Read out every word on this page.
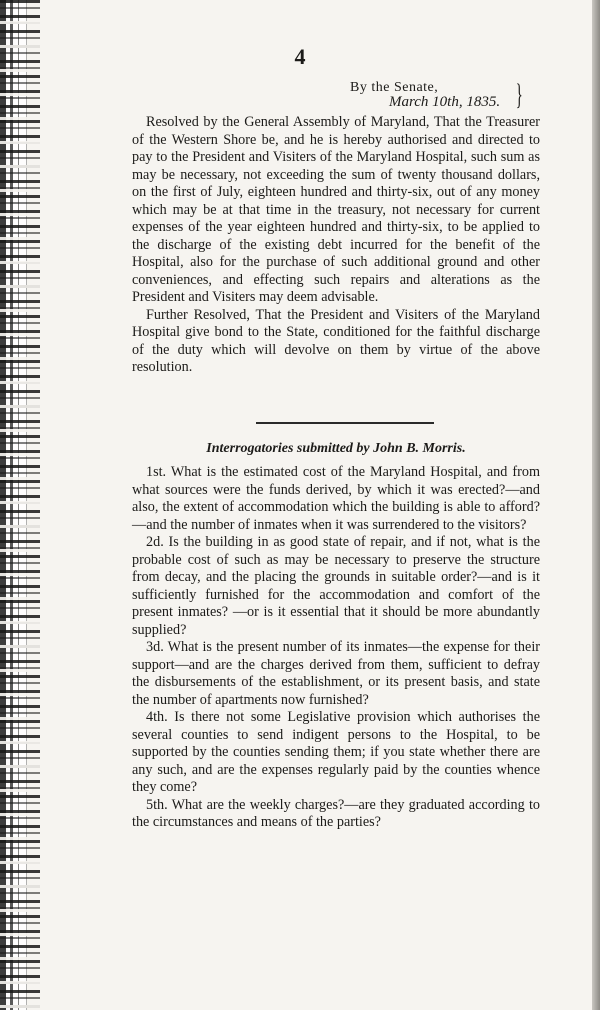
4
By the Senate,
March 10th, 1835. }

Resolved by the General Assembly of Maryland, That the Treasurer of the Western Shore be, and he is hereby authorised and directed to pay to the President and Visiters of the Maryland Hospital, such sum as may be necessary, not exceeding the sum of twenty thousand dollars, on the first of July, eighteen hundred and thirty-six, out of any money which may be at that time in the treasury, not necessary for current expenses of the year eighteen hundred and thirty-six, to be applied to the discharge of the existing debt incurred for the benefit of the Hospital, also for the purchase of such additional ground and other conveniences, and effecting such repairs and alterations as the President and Visiters may deem advisable.

Further Resolved, That the President and Visiters of the Maryland Hospital give bond to the State, conditioned for the faithful discharge of the duty which will devolve on them by virtue of the above resolution.

Interrogatories submitted by John B. Morris.

1st. What is the estimated cost of the Maryland Hospital, and from what sources were the funds derived, by which it was erected?—and also, the extent of accommodation which the building is able to afford?—and the number of inmates when it was surrendered to the visitors?

2d. Is the building in as good state of repair, and if not, what is the probable cost of such as may be necessary to preserve the structure from decay, and the placing the grounds in suitable order?—and is it sufficiently furnished for the accommodation and comfort of the present inmates? —or is it essential that it should be more abundantly supplied?

3d. What is the present number of its inmates—the expense for their support—and are the charges derived from them, sufficient to defray the disbursements of the establishment, or its present basis, and state the number of apartments now furnished?

4th. Is there not some Legislative provision which authorises the several counties to send indigent persons to the Hospital, to be supported by the counties sending them; if you state whether there are any such, and are the expenses regularly paid by the counties whence they come?

5th. What are the weekly charges?—are they graduated according to the circumstances and means of the parties?
